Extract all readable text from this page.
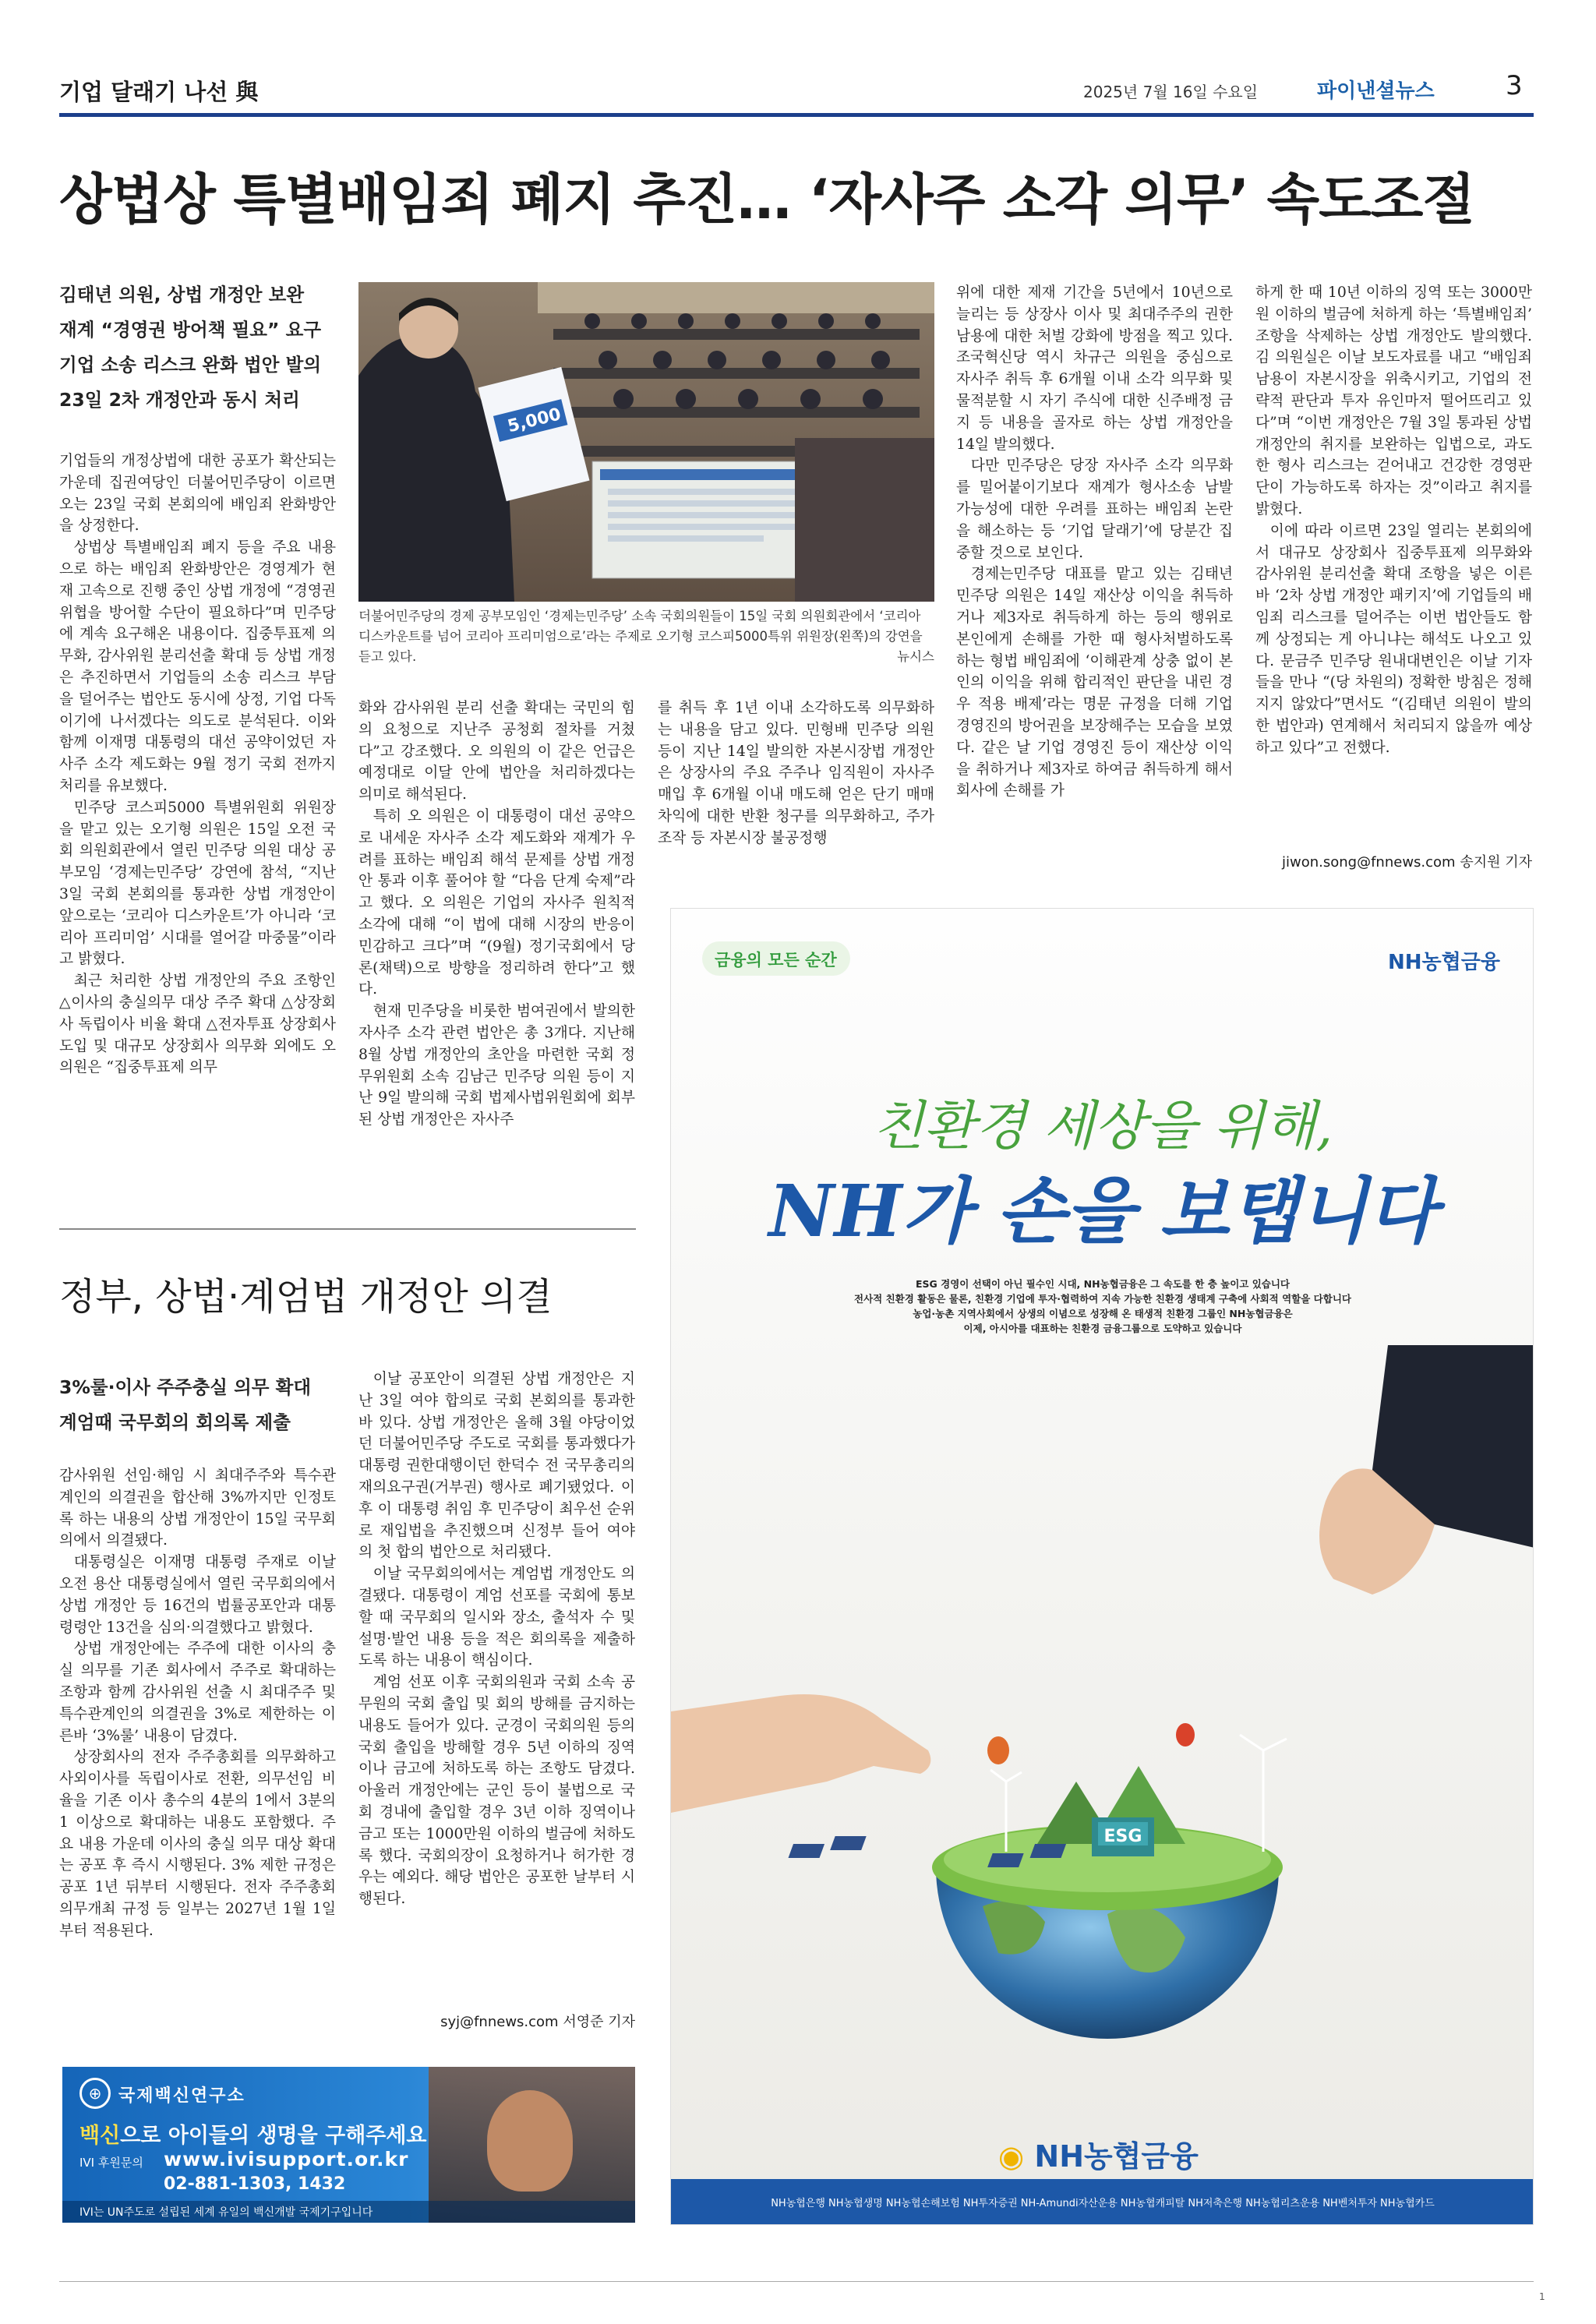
기업 달래기 나선 與	2025년 7월 16일 수요일	파이낸셜뉴스	3
상법상 특별배임죄 폐지 추진… ‘자사주 소각 의무’ 속도조절
김태년 의원, 상법 개정안 보완
재계 “경영권 방어책 필요” 요구
기업 소송 리스크 완화 법안 발의
23일 2차 개정안과 동시 처리

기업들의 개정상법에 대한 공포가 확산되는 가운데 집권여당인 더불어민주당이 이르면 오는 23일 국회 본회의에 배임죄 완화방안을 상정한다.

상법상 특별배임죄 폐지 등을 주요 내용으로 하는 배임죄 완화방안은 경영계가 현재 고속으로 진행 중인 상법 개정에 “경영권 위협을 방어할 수단이 필요하다”며 민주당에 계속 요구해온 내용이다. 집중투표제 의무화, 감사위원 분리선출 확대 등 상법 개정은 추진하면서 기업들의 소송 리스크 부담을 덜어주는 법안도 동시에 상정, 기업 다독이기에 나서겠다는 의도로 분석된다. 이와 함께 이재명 대통령의 대선 공약이었던 자사주 소각 제도화는 9월 정기 국회 전까지 처리를 유보했다.

민주당 코스피5000 특별위원회 위원장을 맡고 있는 오기형 의원은 15일 오전 국회 의원회관에서 열린 민주당 의원 대상 공부모임 ‘경제는민주당’ 강연에 참석, “지난 3일 국회 본회의를 통과한 상법 개정안이 앞으로는 ‘코리아 디스카운트’가 아니라 ‘코리아 프리미엄’ 시대를 열어갈 마중물”이라고 밝혔다.

최근 처리한 상법 개정안의 주요 조항인 △이사의 충실의무 대상 주주 확대 △상장회사 독립이사 비율 확대 △전자투표 상장회사 도입 및 대규모 상장회사 의무화 외에도 오 의원은 “집중투표제 의무

5,000
더불어민주당의 경제 공부모임인 ‘경제는민주당’ 소속 국회의원들이 15일 국회 의원회관에서 ‘코리아 디스카운트를 넘어 코리아 프리미엄으로’라는 주제로 오기형 코스피5000특위 위원장(왼쪽)의 강연을 듣고 있다.	뉴시스

화와 감사위원 분리 선출 확대는 국민의 힘의 요청으로 지난주 공청회 절차를 거쳤다”고 강조했다. 오 의원의 이 같은 언급은 예정대로 이달 안에 법안을 처리하겠다는 의미로 해석된다.

특히 오 의원은 이 대통령이 대선 공약으로 내세운 자사주 소각 제도화와 재계가 우려를 표하는 배임죄 해석 문제를 상법 개정안 통과 이후 풀어야 할 “다음 단계 숙제”라고 했다. 오 의원은 기업의 자사주 원칙적 소각에 대해 “이 법에 대해 시장의 반응이 민감하고 크다”며 “(9월) 정기국회에서 당론(채택)으로 방향을 정리하려 한다”고 했다.

현재 민주당을 비롯한 범여권에서 발의한 자사주 소각 관련 법안은 총 3개다. 지난해 8월 상법 개정안의 초안을 마련한 국회 정무위원회 소속 김남근 민주당 의원 등이 지난 9일 발의해 국회 법제사법위원회에 회부된 상법 개정안은 자사주

를 취득 후 1년 이내 소각하도록 의무화하는 내용을 담고 있다. 민형배 민주당 의원 등이 지난 14일 발의한 자본시장법 개정안은 상장사의 주요 주주나 임직원이 자사주 매입 후 6개월 이내 매도해 얻은 단기 매매차익에 대한 반환 청구를 의무화하고, 주가조작 등 자본시장 불공정행

위에 대한 제재 기간을 5년에서 10년으로 늘리는 등 상장사 이사 및 최대주주의 권한남용에 대한 처벌 강화에 방점을 찍고 있다. 조국혁신당 역시 차규근 의원을 중심으로 자사주 취득 후 6개월 이내 소각 의무화 및 물적분할 시 자기 주식에 대한 신주배정 금지 등 내용을 골자로 하는 상법 개정안을 14일 발의했다.

다만 민주당은 당장 자사주 소각 의무화를 밀어붙이기보다 재계가 형사소송 남발 가능성에 대한 우려를 표하는 배임죄 논란을 해소하는 등 ‘기업 달래기’에 당분간 집중할 것으로 보인다.

경제는민주당 대표를 맡고 있는 김태년 민주당 의원은 14일 재산상 이익을 취득하거나 제3자로 취득하게 하는 등의 행위로 본인에게 손해를 가한 때 형사처벌하도록 하는 형법 배임죄에 ‘이해관계 상충 없이 본인의 이익을 위해 합리적인 판단을 내린 경우 적용 배제’라는 명문 규정을 더해 기업 경영진의 방어권을 보장해주는 모습을 보였다. 같은 날 기업 경영진 등이 재산상 이익을 취하거나 제3자로 하여금 취득하게 해서 회사에 손해를 가

하게 한 때 10년 이하의 징역 또는 3000만원 이하의 벌금에 처하게 하는 ‘특별배임죄’ 조항을 삭제하는 상법 개정안도 발의했다. 김 의원실은 이날 보도자료를 내고 “배임죄 남용이 자본시장을 위축시키고, 기업의 전략적 판단과 투자 유인마저 떨어뜨리고 있다”며 “이번 개정안은 7월 3일 통과된 상법 개정안의 취지를 보완하는 입법으로, 과도한 형사 리스크는 걷어내고 건강한 경영판단이 가능하도록 하자는 것”이라고 취지를 밝혔다.

이에 따라 이르면 23일 열리는 본회의에서 대규모 상장회사 집중투표제 의무화와 감사위원 분리선출 확대 조항을 넣은 이른바 ‘2차 상법 개정안 패키지’에 기업들의 배임죄 리스크를 덜어주는 이번 법안들도 함께 상정되는 게 아니냐는 해석도 나오고 있다. 문금주 민주당 원내대변인은 이날 기자들을 만나 “(당 차원의) 정확한 방침은 정해지지 않았다”면서도 “(김태년 의원이 발의한 법안과) 연계해서 처리되지 않을까 예상하고 있다”고 전했다.

jiwon.song@fnnews.com 송지원 기자
정부, 상법·계엄법 개정안 의결
3%룰·이사 주주충실 의무 확대
계엄때 국무회의 회의록 제출

감사위원 선임·해임 시 최대주주와 특수관계인의 의결권을 합산해 3%까지만 인정토록 하는 내용의 상법 개정안이 15일 국무회의에서 의결됐다.

대통령실은 이재명 대통령 주재로 이날 오전 용산 대통령실에서 열린 국무회의에서 상법 개정안 등 16건의 법률공포안과 대통령령안 13건을 심의·의결했다고 밝혔다.

상법 개정안에는 주주에 대한 이사의 충실 의무를 기존 회사에서 주주로 확대하는 조항과 함께 감사위원 선출 시 최대주주 및 특수관계인의 의결권을 3%로 제한하는 이른바 ‘3%룰’ 내용이 담겼다.

상장회사의 전자 주주총회를 의무화하고 사외이사를 독립이사로 전환, 의무선임 비율을 기존 이사 총수의 4분의 1에서 3분의 1 이상으로 확대하는 내용도 포함했다. 주요 내용 가운데 이사의 충실 의무 대상 확대는 공포 후 즉시 시행된다. 3% 제한 규정은 공포 1년 뒤부터 시행된다. 전자 주주총회 의무개최 규정 등 일부는 2027년 1월 1일부터 적용된다.

이날 공포안이 의결된 상법 개정안은 지난 3일 여야 합의로 국회 본회의를 통과한 바 있다. 상법 개정안은 올해 3월 야당이었던 더불어민주당 주도로 국회를 통과했다가 대통령 권한대행이던 한덕수 전 국무총리의 재의요구권(거부권) 행사로 폐기됐었다. 이후 이 대통령 취임 후 민주당이 최우선 순위로 재입법을 추진했으며 신정부 들어 여야의 첫 합의 법안으로 처리됐다.

이날 국무회의에서는 계엄법 개정안도 의결됐다. 대통령이 계엄 선포를 국회에 통보할 때 국무회의 일시와 장소, 출석자 수 및 설명·발언 내용 등을 적은 회의록을 제출하도록 하는 내용이 핵심이다.

계엄 선포 이후 국회의원과 국회 소속 공무원의 국회 출입 및 회의 방해를 금지하는 내용도 들어가 있다. 군경이 국회의원 등의 국회 출입을 방해할 경우 5년 이하의 징역이나 금고에 처하도록 하는 조항도 담겼다. 아울러 개정안에는 군인 등이 불법으로 국회 경내에 출입할 경우 3년 이하 징역이나 금고 또는 1000만원 이하의 벌금에 처하도록 했다. 국회의장이 요청하거나 허가한 경우는 예외다. 해당 법안은 공포한 날부터 시행된다.

syj@fnnews.com 서영준 기자
⊕ 국제백신연구소
백신으로 아이들의 생명을 구해주세요
IVI 후원문의 www.ivisupport.or.kr
02-881-1303, 1432
IVI는 UN주도로 설립된 세계 유일의 백신개발 국제기구입니다
금융의 모든 순간	NH농협금융
친환경 세상을 위해,
NH가 손을 보탭니다
ESG 경영이 선택이 아닌 필수인 시대, NH농협금융은 그 속도를 한 층 높이고 있습니다
전사적 친환경 활동은 물론, 친환경 기업에 투자·협력하여 지속 가능한 친환경 생태계 구축에 사회적 역할을 다합니다
농업·농촌 지역사회에서 상생의 이념으로 성장해 온 태생적 친환경 그룹인 NH농협금융은
이제, 아시아를 대표하는 친환경 금융그룹으로 도약하고 있습니다
ESG
◉ NH농협금융
NH농협은행 NH농협생명 NH농협손해보험 NH투자증권 NH-Amundi자산운용 NH농협캐피탈 NH저축은행 NH농협리츠운용 NH벤처투자 NH농협카드
1
